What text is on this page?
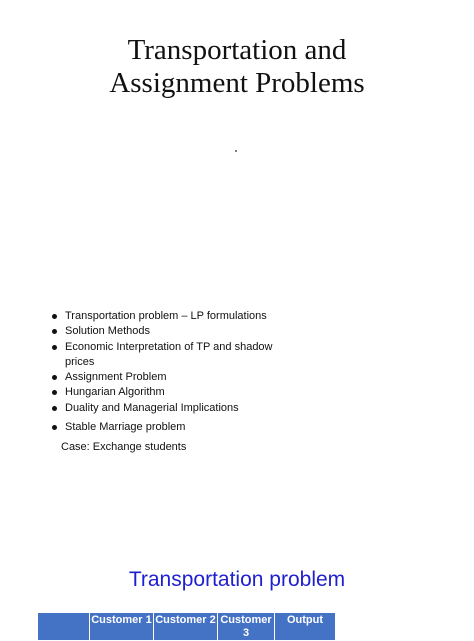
Transportation and
Assignment Problems
Transportation problem – LP formulations
Solution Methods
Economic Interpretation of TP and shadow prices
Assignment Problem
Hungarian Algorithm
Duality and Managerial Implications
Stable Marriage problem
Case: Exchange students
Transportation problem
	Customer 1	Customer 2	Customer 3	Output
